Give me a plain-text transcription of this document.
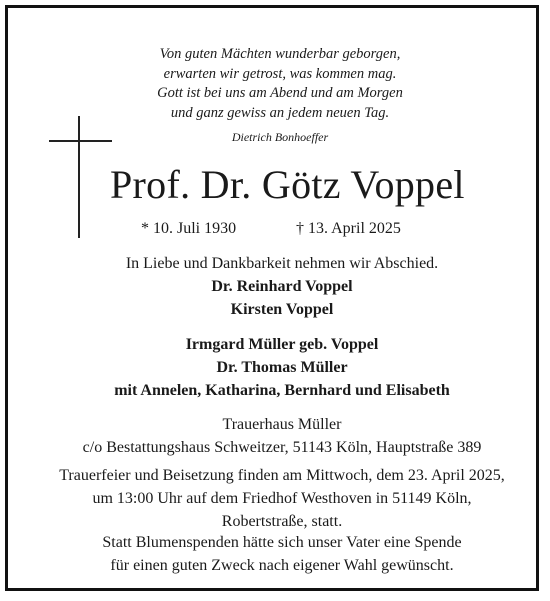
Von guten Mächten wunderbar geborgen,
erwarten wir getrost, was kommen mag.
Gott ist bei uns am Abend und am Morgen
und ganz gewiss an jedem neuen Tag.
Dietrich Bonhoeffer
Prof. Dr. Götz Voppel
* 10. Juli 1930	† 13. April 2025
In Liebe und Dankbarkeit nehmen wir Abschied.
Dr. Reinhard Voppel
Kirsten Voppel
Irmgard Müller geb. Voppel
Dr. Thomas Müller
mit Annelen, Katharina, Bernhard und Elisabeth
Trauerhaus Müller
c/o Bestattungshaus Schweitzer, 51143 Köln, Hauptstraße 389
Trauerfeier und Beisetzung finden am Mittwoch, dem 23. April 2025,
um 13:00 Uhr auf dem Friedhof Westhoven in 51149 Köln,
Robertstraße, statt.
Statt Blumenspenden hätte sich unser Vater eine Spende
für einen guten Zweck nach eigener Wahl gewünscht.
